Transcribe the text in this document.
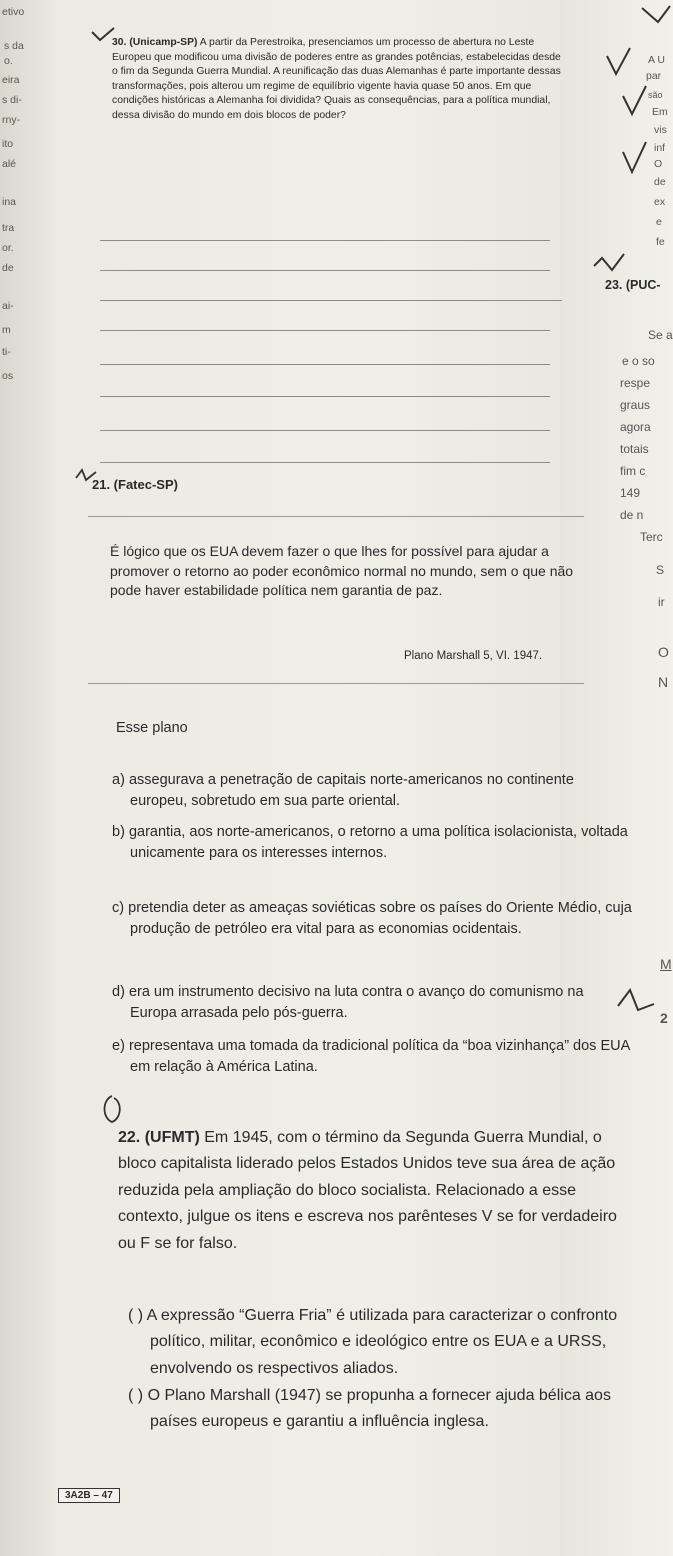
etivo
s da
o.
eira
s di-
rny-
ito
alé
ina
tra
or.
de
ai-
m
ti-
os
30. (Unicamp-SP) A partir da Perestroika, presenciamos um processo de abertura no Leste Europeu que modificou uma divisão de poderes entre as grandes potências, estabelecidas desde o fim da Segunda Guerra Mundial. A reunificação das duas Alemanhas é parte importante dessas transformações, pois alterou um regime de equilíbrio vigente havia quase 50 anos. Em que condições históricas a Alemanha foi dividida? Quais as consequências, para a política mundial, dessa divisão do mundo em dois blocos de poder?
A U
par
são
Em
vis
inf
O
de
ex
e
fe
23. (PUC-
Se a
e o so
respe
graus
agora
totais
fim c
149
de n
Terc
S
ir
O
N
M
2
21. (Fatec-SP)
É lógico que os EUA devem fazer o que lhes for possível para ajudar a promover o retorno ao poder econômico normal no mundo, sem o que não pode haver estabilidade política nem garantia de paz.
Plano Marshall 5, VI. 1947.
Esse plano
a) assegurava a penetração de capitais norte-americanos no continente europeu, sobretudo em sua parte oriental.
b) garantia, aos norte-americanos, o retorno a uma política isolacionista, voltada unicamente para os interesses internos.
c) pretendia deter as ameaças soviéticas sobre os países do Oriente Médio, cuja produção de petróleo era vital para as economias ocidentais.
d) era um instrumento decisivo na luta contra o avanço do comunismo na Europa arrasada pelo pós-guerra.
e) representava uma tomada da tradicional política da “boa vizinhança” dos EUA em relação à América Latina.
22. (UFMT) Em 1945, com o término da Segunda Guerra Mundial, o bloco capitalista liderado pelos Estados Unidos teve sua área de ação reduzida pela ampliação do bloco socialista. Relacionado a esse contexto, julgue os itens e escreva nos parênteses V se for verdadeiro ou F se for falso.
( ) A expressão “Guerra Fria” é utilizada para caracterizar o confronto político, militar, econômico e ideológico entre os EUA e a URSS, envolvendo os respectivos aliados.
( ) O Plano Marshall (1947) se propunha a fornecer ajuda bélica aos países europeus e garantiu a influência inglesa.
3A2B – 47
